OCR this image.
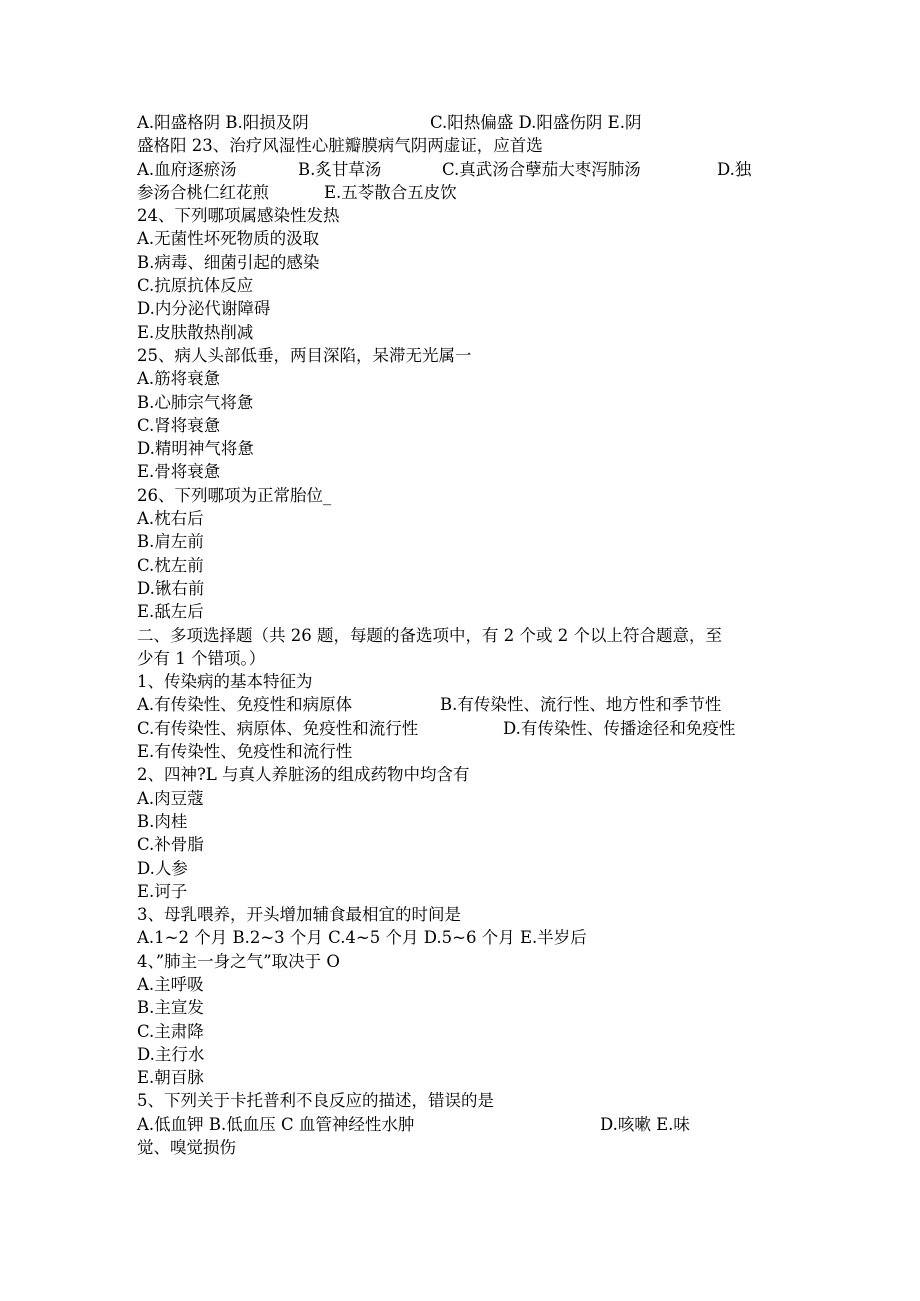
A.阳盛格阴 B.阳损及阴	C.阳热偏盛 D.阳盛伤阴 E.阴
盛格阳 23、治疗风湿性心脏瓣膜病气阴两虚证，应首选
A.血府逐瘀汤	B.炙甘草汤	C.真武汤合孽茄大枣泻肺汤	D.独
参汤合桃仁红花煎	E.五苓散合五皮饮
24、下列哪项属感染性发热
A.无菌性坏死物质的汲取
B.病毒、细菌引起的感染
C.抗原抗体反应
D.内分泌代谢障碍
E.皮肤散热削减
25、病人头部低垂，两目深陷，呆滞无光属一
A.筋将衰惫
B.心肺宗气将惫
C.肾将衰惫
D.精明神气将惫
E.骨将衰惫
26、下列哪项为正常胎位_
A.枕右后
B.肩左前
C.枕左前
D.锹右前
E.舐左后
二、多项选择题（共 26 题，每题的备选项中，有 2 个或 2 个以上符合题意，至
少有 1 个错项。）
1、传染病的基本特征为
A.有传染性、免疫性和病原体	B.有传染性、流行性、地方性和季节性
C.有传染性、病原体、免疫性和流行性	D.有传染性、传播途径和免疫性
E.有传染性、免疫性和流行性
2、四神?L 与真人养脏汤的组成药物中均含有
A.肉豆蔻
B.肉桂
C.补骨脂
D.人参
E.诃子
3、母乳喂养，开头增加辅食最相宜的时间是
A.1~2 个月 B.2~3 个月 C.4~5 个月 D.5~6 个月 E.半岁后
4、”肺主一身之气”取决于 O
A.主呼吸
B.主宣发
C.主肃降
D.主行水
E.朝百脉
5、下列关于卡托普利不良反应的描述，错误的是
A.低血钾 B.低血压 C 血管神经性水肿	D.咳嗽 E.味
觉、嗅觉损伤
